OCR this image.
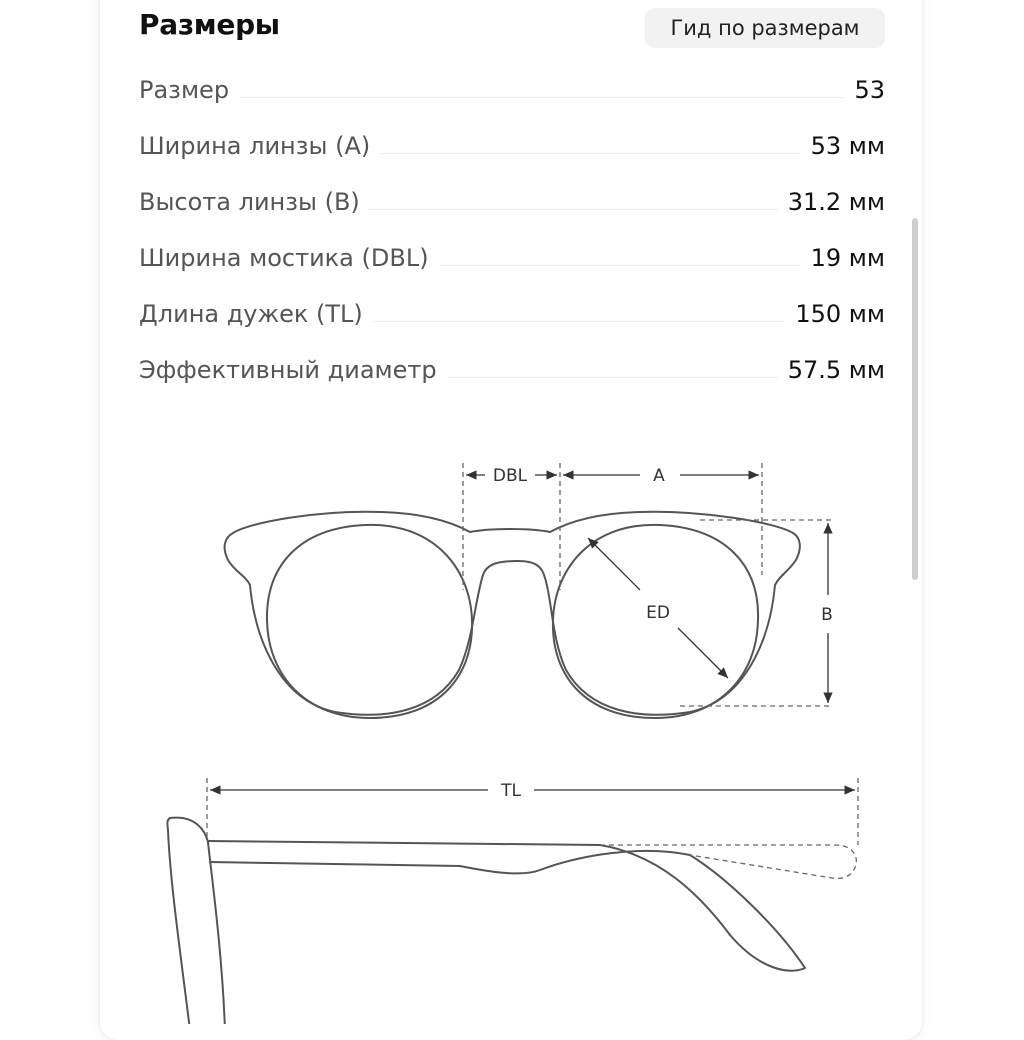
Размеры	Гид по размерам
Размер	53
Ширина линзы (A)	53 мм
Высота линзы (B)	31.2 мм
Ширина мостика (DBL)	19 мм
Длина дужек (TL)	150 мм
Эффективный диаметр	57.5 мм
DBL	A
B
ED
TL
